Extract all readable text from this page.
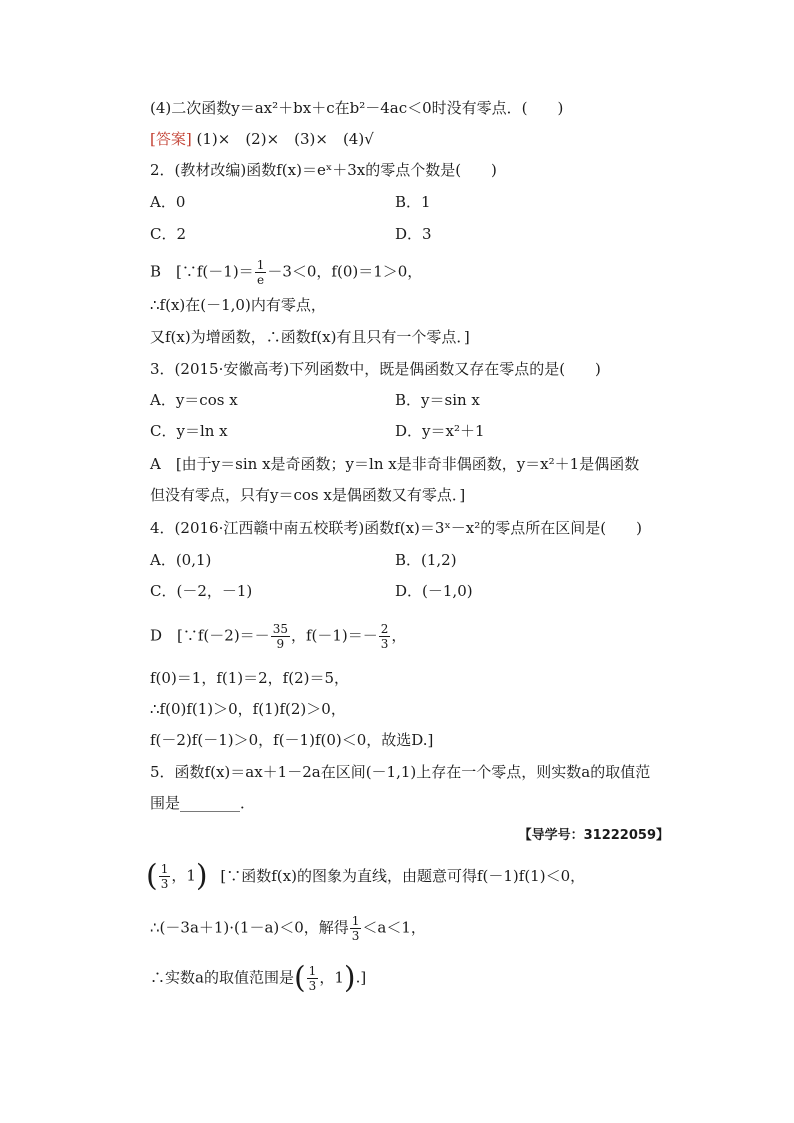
(4)二次函数y＝ax²＋bx＋c在b²－4ac＜0时没有零点．(　　)
[答案] (1)×　(2)×　(3)×　(4)√
2．(教材改编)函数f(x)＝eˣ＋3x的零点个数是(　　)
A．0	B．1
C．2	D．3
B　[∵f(－1)＝ $\frac{1}{e} -3<0$，f(0)＝1＞0，
∴f(x)在(－1,0)内有零点，
又f(x)为增函数，∴函数f(x)有且只有一个零点．]
3．(2015·安徽高考)下列函数中，既是偶函数又存在零点的是(　　)
A．y＝cos x	B．y＝sin x
C．y＝ln x	D．y＝x²＋1
A　[由于y＝sin x是奇函数；y＝ln x是非奇非偶函数，y＝x²＋1是偶函数
但没有零点，只有y＝cos x是偶函数又有零点．]
4．(2016·江西赣中南五校联考)函数f(x)＝3ˣ－x²的零点所在区间是(　　)
A．(0,1)	B．(1,2)
C．(－2，－1)	D．(－1,0)
D　[∵f(－2)＝－ $\frac{35}{9}$ ，$f(-1)=- \frac{2}{3}$ ，
f(0)＝1，f(1)＝2，f(2)＝5，
∴f(0)f(1)＞0，f(1)f(2)＞0，
f(－2)f(－1)＞0，f(－1)f(0)＜0，故选D.]
5．函数f(x)＝ax＋1－2a在区间(－1,1)上存在一个零点，则实数a的取值范
围是________．
【导学号：31222059】
( $\frac{1}{3}$ ，1) [∵函数f(x)的图象为直线，由题意可得f(－1)f(1)＜0，
∴(－3a＋1)·(1－a)＜0，解得 $\frac{1}{3} <a<1$，
∴实数a的取值范围是( $\frac{1}{3}$ ，1).]
